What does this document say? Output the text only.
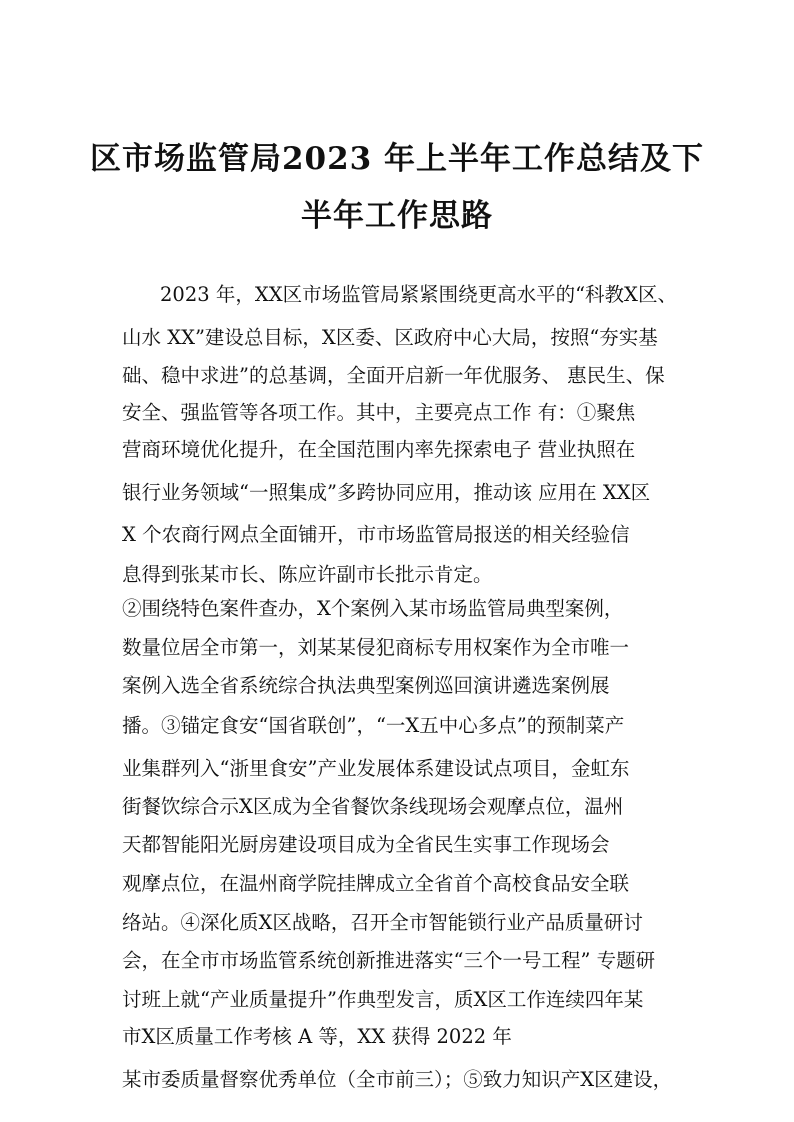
区市场监管局2023 年上半年工作总结及下
半年工作思路
2023 年，XX区市场监管局紧紧围绕更高水平的“科教X区、
山水 XX”建设总目标，X区委、区政府中心大局，按照“夯实基
础、稳中求进”的总基调，全面开启新一年优服务、 惠民生、保
安全、强监管等各项工作。其中，主要亮点工作 有：①聚焦
营商环境优化提升，在全国范围内率先探索电子 营业执照在
银行业务领域“一照集成”多跨协同应用，推动该 应用在 XX区
X 个农商行网点全面铺开，市市场监管局报送的相关经验信
息得到张某市长、陈应许副市长批示肯定。
②围绕特色案件查办，X个案例入某市场监管局典型案例，
数量位居全市第一，刘某某侵犯商标专用权案作为全市唯一
案例入选全省系统综合执法典型案例巡回演讲遴选案例展
播。③锚定食安“国省联创”，“一X五中心多点”的预制菜产
业集群列入“浙里食安”产业发展体系建设试点项目，金虹东
街餐饮综合示X区成为全省餐饮条线现场会观摩点位，温州
天都智能阳光厨房建设项目成为全省民生实事工作现场会
观摩点位，在温州商学院挂牌成立全省首个高校食品安全联
络站。④深化质X区战略，召开全市智能锁行业产品质量研讨
会，在全市市场监管系统创新推进落实“三个一号工程” 专题研
讨班上就“产业质量提升”作典型发言，质X区工作连续四年某
市X区质量工作考核 A 等，XX 获得 2022 年
某市委质量督察优秀单位（全市前三）；⑤致力知识产X区建设，
